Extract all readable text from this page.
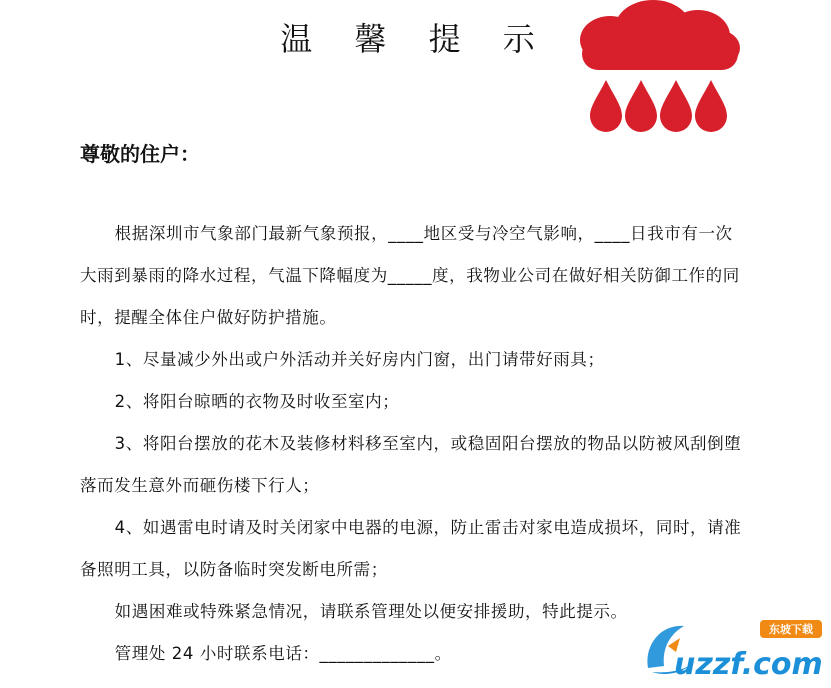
温 馨 提 示
尊敬的住户：

根据深圳市气象部门最新气象预报，____地区受与冷空气影响，____日我市有一次大雨到暴雨的降水过程，气温下降幅度为_____度，我物业公司在做好相关防御工作的同时，提醒全体住户做好防护措施。

1、尽量减少外出或户外活动并关好房内门窗，出门请带好雨具；

2、将阳台晾晒的衣物及时收至室内；

3、将阳台摆放的花木及装修材料移至室内，或稳固阳台摆放的物品以防被风刮倒堕落而发生意外而砸伤楼下行人；

4、如遇雷电时请及时关闭家中电器的电源，防止雷击对家电造成损坏，同时，请准备照明工具，以防备临时突发断电所需；

如遇困难或特殊紧急情况，请联系管理处以便安排援助，特此提示。

管理处 24 小时联系电话：_____________。

东坡下载
uzzf.com
